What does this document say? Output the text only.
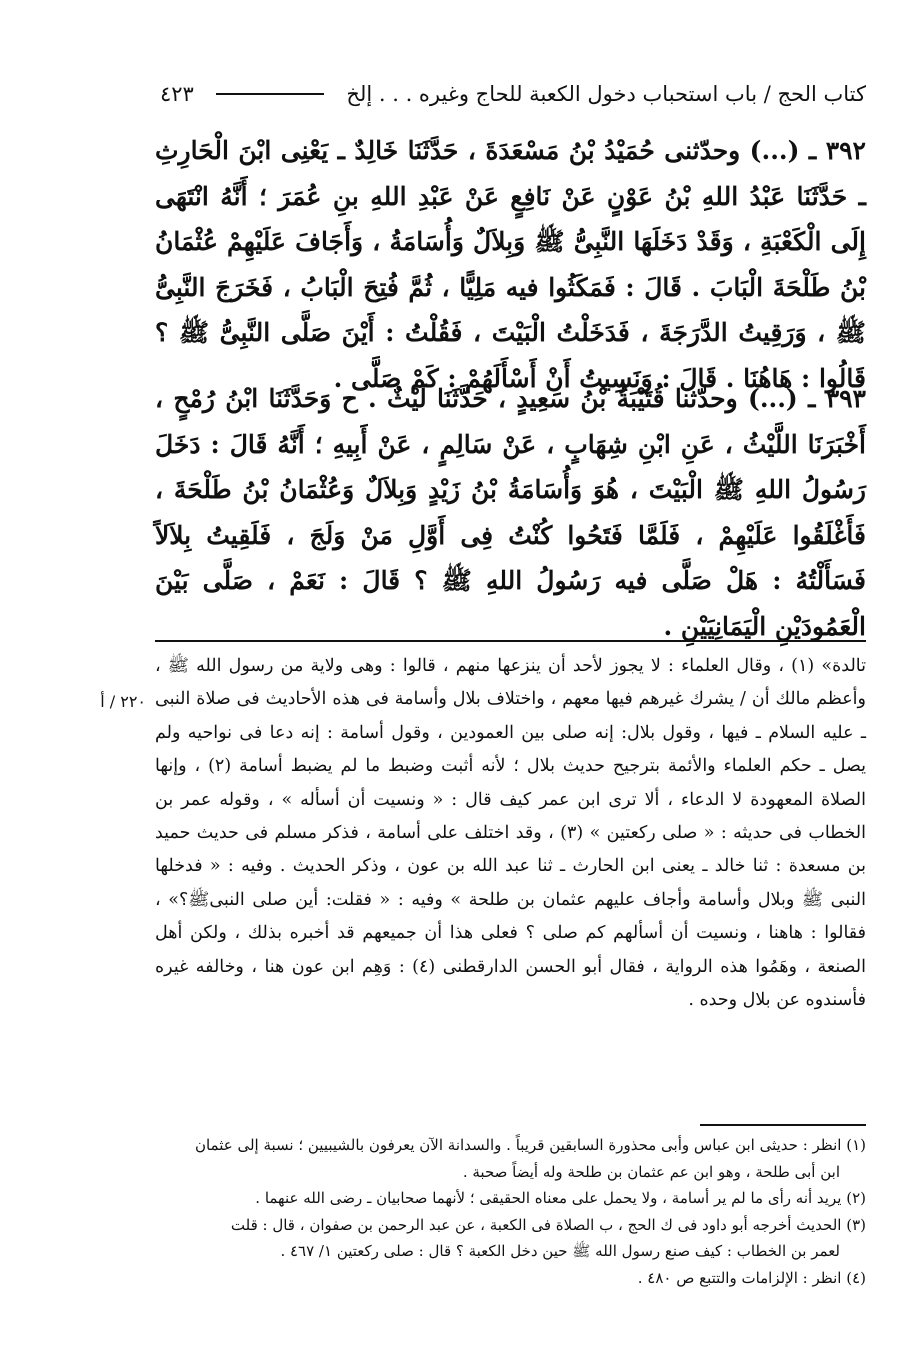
كتاب الحج / باب استحباب دخول الكعبة للحاج وغيره . . . إلخ
٤٢٣

٣٩٢ ـ (...) وحدّثنى حُمَيْدُ بْنُ مَسْعَدَةَ ، حَدَّثَنَا خَالِدٌ ـ يَعْنِى ابْنَ الْحَارِثِ ـ حَدَّثَنَا عَبْدُ اللهِ بْنُ عَوْنٍ عَنْ نَافِعٍ عَنْ عَبْدِ اللهِ بنِ عُمَرَ ؛ أَنَّهُ انْتَهَى إِلَى الْكَعْبَةِ ، وَقَدْ دَخَلَهَا النَّبِىُّ ﷺ وَبِلاَلٌ وَأُسَامَةُ ، وَأَجَافَ عَلَيْهِمْ عُثْمَانُ بْنُ طَلْحَةَ الْبَابَ . قَالَ : فَمَكَثُوا فيه مَلِيًّا ، ثُمَّ فُتِحَ الْبَابُ ، فَخَرَجَ النَّبِىُّ ﷺ ، وَرَقِيتُ الدَّرَجَةَ ، فَدَخَلْتُ الْبَيْتَ ، فَقُلْتُ : أَيْنَ صَلَّى النَّبِىُّ ﷺ ؟ قَالُوا : هَاهُنَا . قَالَ : وَنَسِيتُ أَنْ أَسْأَلَهُمْ : كَمْ صَلَّى .

٣٩٣ ـ (...) وحدّثنا قُتَيْبَةُ بْنُ سَعِيدٍ ، حَدَّثَنَا لَيْثٌ . ح وَحَدَّثَنَا ابْنُ رُمْحٍ ، أَخْبَرَنَا اللَّيْثُ ، عَنِ ابْنِ شِهَابٍ ، عَنْ سَالِمٍ ، عَنْ أَبِيهِ ؛ أَنَّهُ قَالَ : دَخَلَ رَسُولُ اللهِ ﷺ الْبَيْتَ ، هُوَ وَأُسَامَةُ بْنُ زَيْدٍ وَبِلاَلٌ وَعُثْمَانُ بْنُ طَلْحَةَ ، فَأَغْلَقُوا عَلَيْهِمْ ، فَلَمَّا فَتَحُوا كُنْتُ فِى أَوَّلِ مَنْ وَلَجَ ، فَلَقِيتُ بِلاَلاً فَسَأَلْتُهُ : هَلْ صَلَّى فيه رَسُولُ اللهِ ﷺ ؟ قَالَ : نَعَمْ ، صَلَّى بَيْنَ الْعَمُودَيْنِ الْيَمَانِيَيْنِ .

تالدة» (١) ، وقال العلماء : لا يجوز لأحد أن ينزعها منهم ، قالوا : وهى ولاية من رسول الله ﷺ ، وأعظم مالك أن / يشرك غيرهم فيها معهم ، واختلاف بلال وأسامة فى هذه الأحاديث فى صلاة النبى ـ عليه السلام ـ فيها ، وقول بلال: إنه صلى بين العمودين ، وقول أسامة : إنه دعا فى نواحيه ولم يصل ـ حكم العلماء والأئمة بترجيح حديث بلال ؛ لأنه أثبت وضبط ما لم يضبط أسامة (٢) ، وإنها الصلاة المعهودة لا الدعاء ، ألا ترى ابن عمر كيف قال : « ونسيت أن أسأله » ، وقوله عمر بن الخطاب فى حديثه : « صلى ركعتين » (٣) ، وقد اختلف على أسامة ، فذكر مسلم فى حديث حميد بن مسعدة : ثنا خالد ـ يعنى ابن الحارث ـ ثنا عبد الله بن عون ، وذكر الحديث . وفيه : « فدخلها النبى ﷺ وبلال وأسامة وأجاف عليهم عثمان بن طلحة » وفيه : « فقلت: أين صلى النبىﷺ؟» ، فقالوا : هاهنا ، ونسيت أن أسألهم كم صلى ؟ فعلى هذا أن جميعهم قد أخبره بذلك ، ولكن أهل الصنعة ، وهَمُوا هذه الرواية ، فقال أبو الحسن الدارقطنى (٤) : وَهِم ابن عون هنا ، وخالفه غيره فأسندوه عن بلال وحده .

٢٢٠ / أ

(١) انظر : حديثى ابن عباس وأبى محذورة السابقين قريباً . والسدانة الآن يعرفون بالشيبيين ؛ نسبة إلى عثمان

ابن أبى طلحة ، وهو ابن عم عثمان بن طلحة وله أيضاً صحبة .

(٢) يريد أنه رأى ما لم ير أسامة ، ولا يحمل على معناه الحقيقى ؛ لأنهما صحابيان ـ رضى الله عنهما .

(٣) الحديث أخرجه أبو داود فى ك الحج ، ب الصلاة فى الكعبة ، عن عبد الرحمن بن صفوان ، قال : قلت

لعمر بن الخطاب : كيف صنع رسول الله ﷺ حين دخل الكعبة ؟ قال : صلى ركعتين ١/ ٤٦٧ .

(٤) انظر : الإلزامات والتتبع ص ٤٨٠ .
